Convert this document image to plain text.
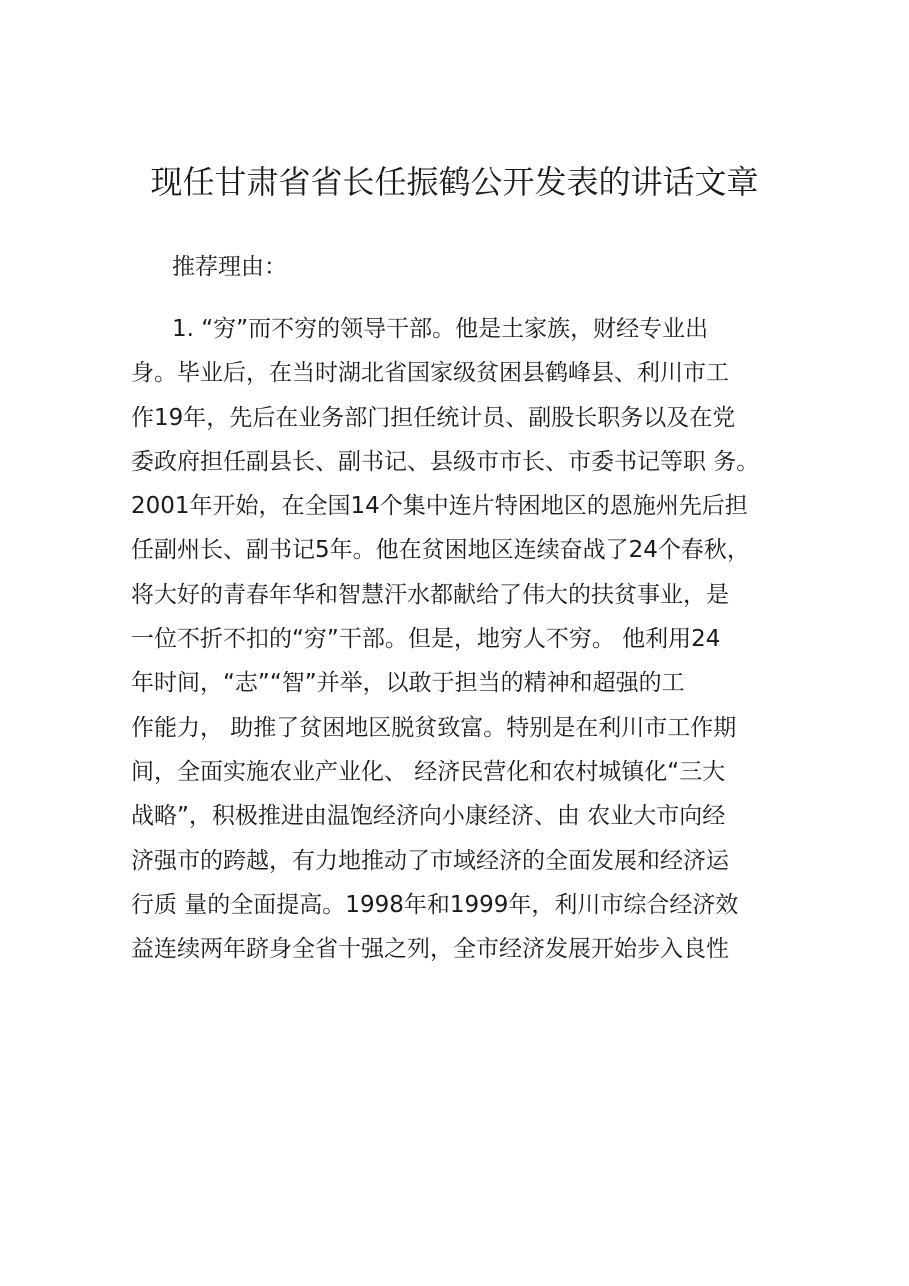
现任甘肃省省长任振鹤公开发表的讲话文章

推荐理由：

1. “穷”而不穷的领导干部。他是土家族，财经专业出
身。毕业后，在当时湖北省国家级贫困县鹤峰县、利川市工
作19年，先后在业务部门担任统计员、副股长职务以及在党
委政府担任副县长、副书记、县级市市长、市委书记等职 务。
2001年开始，在全国14个集中连片特困地区的恩施州先后担
任副州长、副书记5年。他在贫困地区连续奋战了24个春秋，
将大好的青春年华和智慧汗水都献给了伟大的扶贫事业，是
一位不折不扣的“穷”干部。但是，地穷人不穷。 他利用24
年时间，“志”“智”并举，以敢于担当的精神和超强的工
作能力， 助推了贫困地区脱贫致富。特别是在利川市工作期
间，全面实施农业产业化、 经济民营化和农村城镇化“三大
战略”，积极推进由温饱经济向小康经济、由 农业大市向经
济强市的跨越，有力地推动了市域经济的全面发展和经济运
行质 量的全面提高。1998年和1999年，利川市综合经济效
益连续两年跻身全省十强之列，全市经济发展开始步入良性
